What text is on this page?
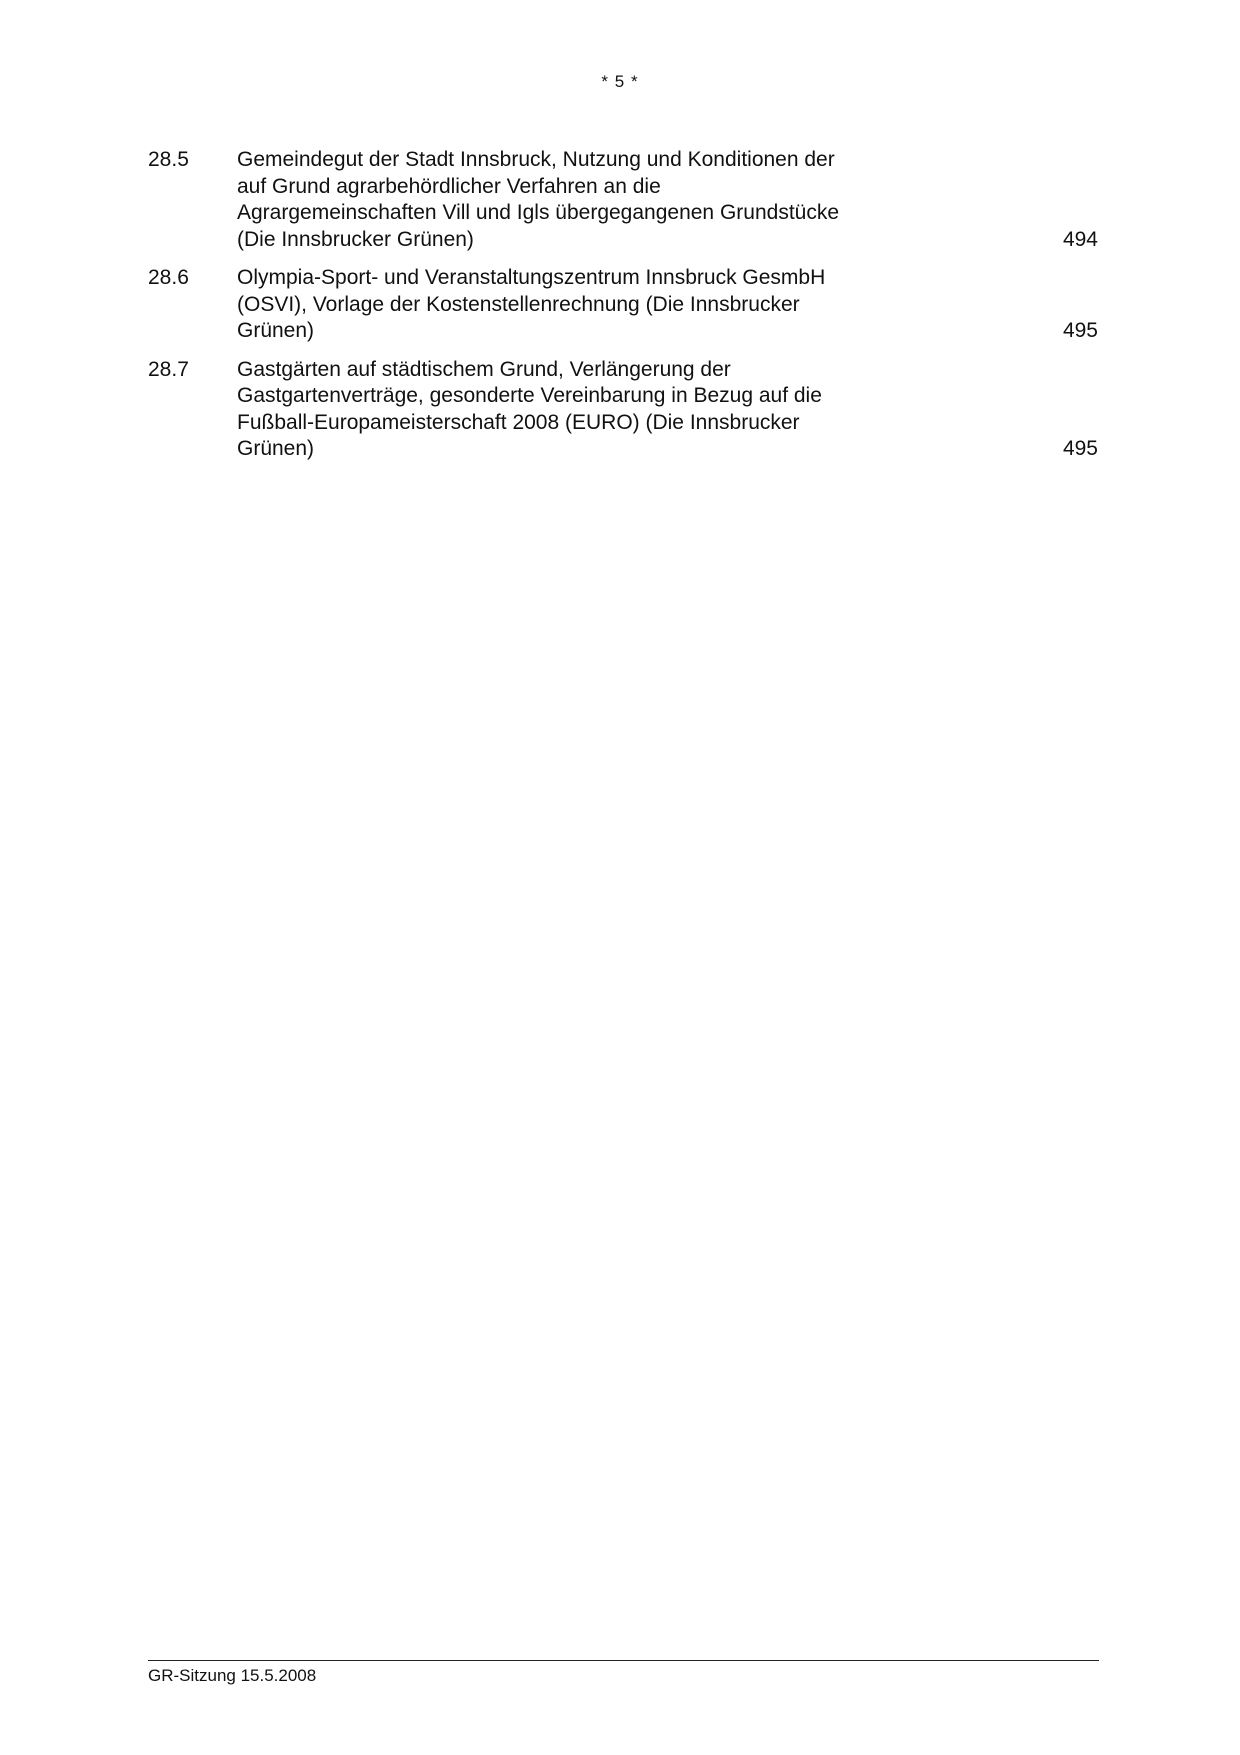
* 5 *
28.5 Gemeindegut der Stadt Innsbruck, Nutzung und Konditionen der
auf Grund agrarbehördlicher Verfahren an die
Agrargemeinschaften Vill und Igls übergegangenen Grundstücke
(Die Innsbrucker Grünen)	494
28.6 Olympia-Sport- und Veranstaltungszentrum Innsbruck GesmbH
(OSVI), Vorlage der Kostenstellenrechnung (Die Innsbrucker
Grünen)	495
28.7 Gastgärten auf städtischem Grund, Verlängerung der
Gastgartenverträge, gesonderte Vereinbarung in Bezug auf die
Fußball-Europameisterschaft 2008 (EURO) (Die Innsbrucker
Grünen)	495
GR-Sitzung 15.5.2008
